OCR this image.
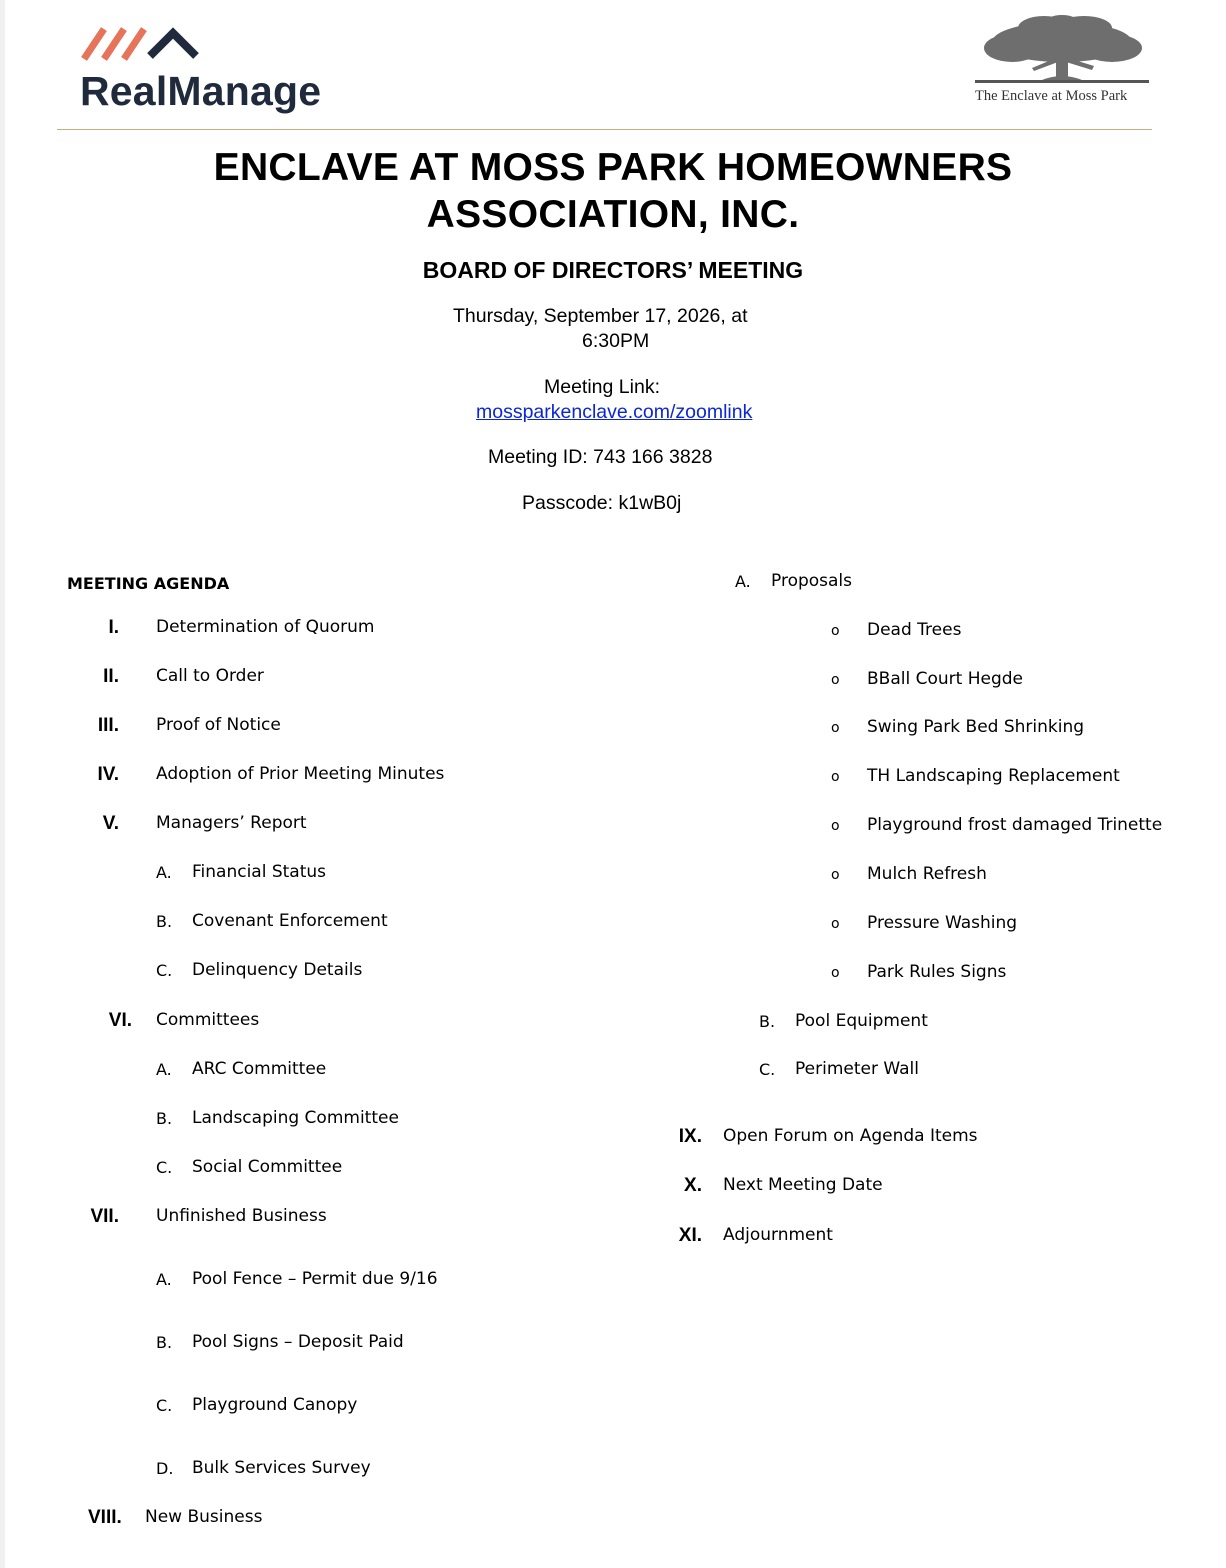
RealManage	The Enclave at Moss Park
ENCLAVE AT MOSS PARK HOMEOWNERS
ASSOCIATION, INC.
BOARD OF DIRECTORS’ MEETING
Thursday, September 17, 2026, at
6:30PM
Meeting Link:
mossparkenclave.com/zoomlink
Meeting ID: 743 166 3828
Passcode: k1wB0j
MEETING AGENDA
I. Determination of Quorum
II. Call to Order
III. Proof of Notice
IV. Adoption of Prior Meeting Minutes
V. Managers’ Report
A. Financial Status
B. Covenant Enforcement
C. Delinquency Details
VI. Committees
A. ARC Committee
B. Landscaping Committee
C. Social Committee
VII. Unfinished Business
A. Pool Fence – Permit due 9/16
B. Pool Signs – Deposit Paid
C. Playground Canopy
D. Bulk Services Survey
VIII. New Business
A. Proposals
o Dead Trees
o BBall Court Hegde
o Swing Park Bed Shrinking
o TH Landscaping Replacement
o Playground frost damaged Trinette
o Mulch Refresh
o Pressure Washing
o Park Rules Signs
B. Pool Equipment
C. Perimeter Wall
IX. Open Forum on Agenda Items
X. Next Meeting Date
XI. Adjournment
